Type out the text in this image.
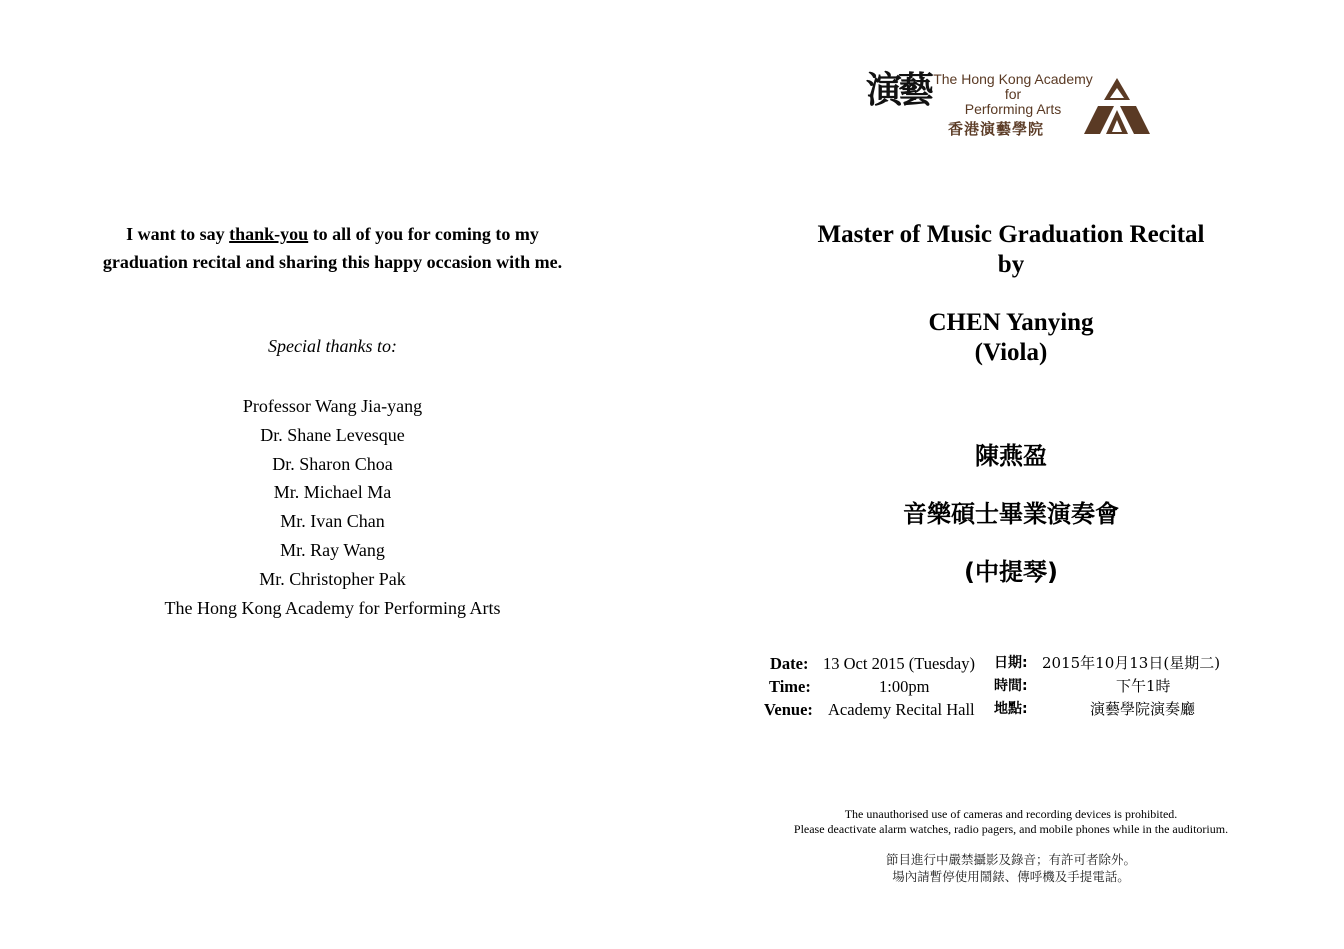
I want to say thank-you to all of you for coming to my
graduation recital and sharing this happy occasion with me.
Special thanks to:
Professor Wang Jia-yang
Dr. Shane Levesque
Dr. Sharon Choa
Mr. Michael Ma
Mr. Ivan Chan
Mr. Ray Wang
Mr. Christopher Pak
The Hong Kong Academy for Performing Arts
演藝 The Hong Kong Academy
for
Performing Arts
香港演藝學院
Master of Music Graduation Recital
by
CHEN Yanying
(Viola)
陳燕盈
音樂碩士畢業演奏會
(中提琴)
Date: 13 Oct 2015 (Tuesday) 日期: 2015年10月13日(星期二)
Time:	1:00pm	時間:	下午1時
Venue: Academy Recital Hall 地點:	演藝學院演奏廳
The unauthorised use of cameras and recording devices is prohibited.
Please deactivate alarm watches, radio pagers, and mobile phones while in the auditorium.
節目進行中嚴禁攝影及錄音；有許可者除外。
場內請暫停使用鬧錶、傳呼機及手提電話。
